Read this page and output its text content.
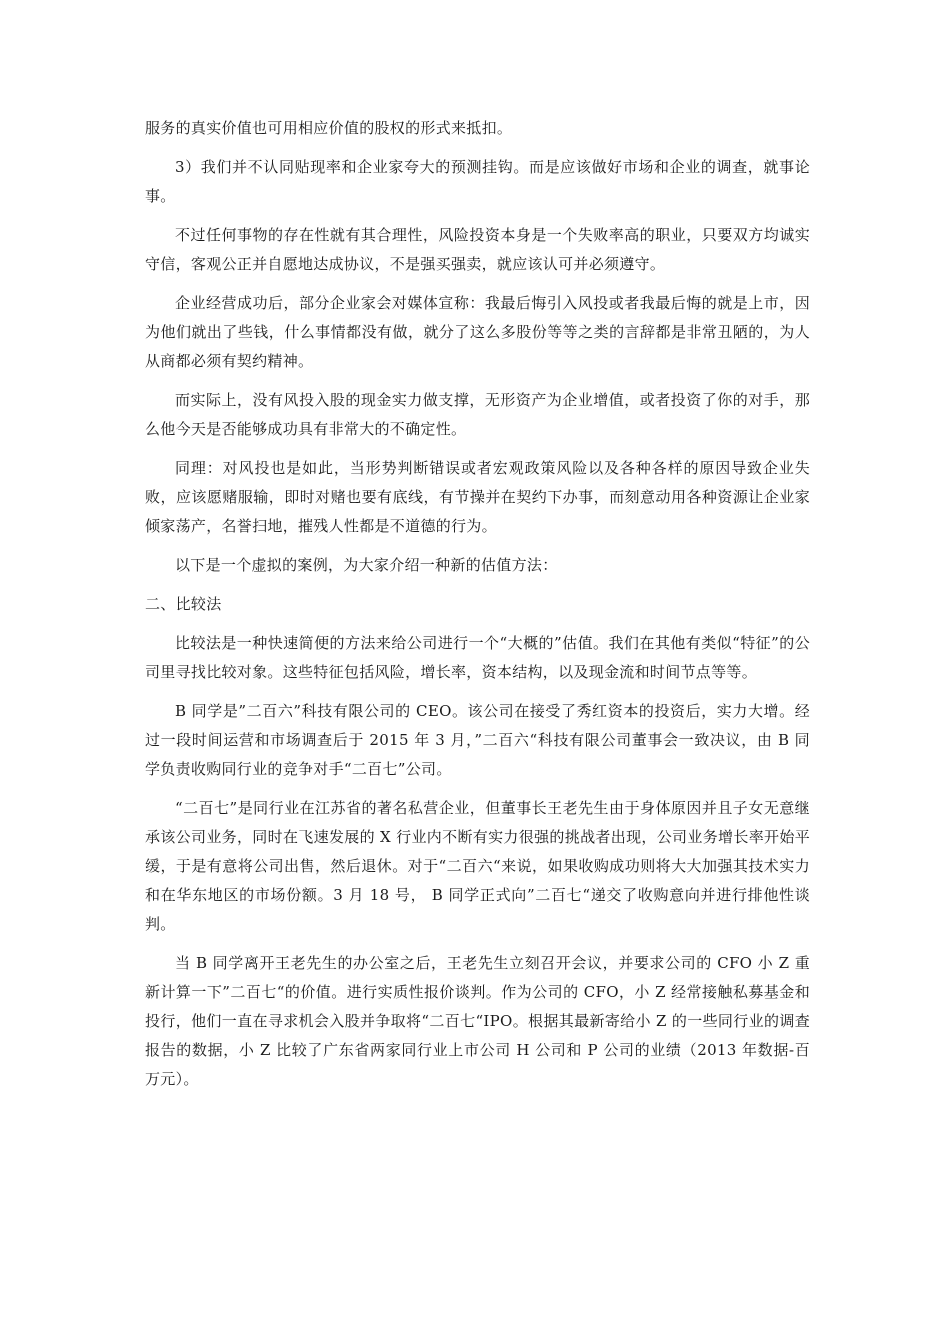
服务的真实价值也可用相应价值的股权的形式来抵扣。

3）我们并不认同贴现率和企业家夸大的预测挂钩。而是应该做好市场和企业的调查，就事论事。

不过任何事物的存在性就有其合理性，风险投资本身是一个失败率高的职业，只要双方均诚实守信，客观公正并自愿地达成协议，不是强买强卖，就应该认可并必须遵守。

企业经营成功后，部分企业家会对媒体宣称：我最后悔引入风投或者我最后悔的就是上市，因为他们就出了些钱，什么事情都没有做，就分了这么多股份等等之类的言辞都是非常丑陋的，为人从商都必须有契约精神。

而实际上，没有风投入股的现金实力做支撑，无形资产为企业增值，或者投资了你的对手，那么他今天是否能够成功具有非常大的不确定性。

同理：对风投也是如此，当形势判断错误或者宏观政策风险以及各种各样的原因导致企业失败，应该愿赌服输，即时对赌也要有底线，有节操并在契约下办事，而刻意动用各种资源让企业家倾家荡产，名誉扫地，摧残人性都是不道德的行为。

以下是一个虚拟的案例，为大家介绍一种新的估值方法：

二、比较法

比较法是一种快速简便的方法来给公司进行一个“大概的”估值。我们在其他有类似“特征”的公司里寻找比较对象。这些特征包括风险，增长率，资本结构，以及现金流和时间节点等等。

B 同学是”二百六”科技有限公司的 CEO。该公司在接受了秀红资本的投资后，实力大增。经过一段时间运营和市场调查后于 2015 年 3 月，”二百六“科技有限公司董事会一致决议，由 B 同学负责收购同行业的竞争对手“二百七”公司。

“二百七”是同行业在江苏省的著名私营企业，但董事长王老先生由于身体原因并且子女无意继承该公司业务，同时在飞速发展的 X 行业内不断有实力很强的挑战者出现，公司业务增长率开始平缓，于是有意将公司出售，然后退休。对于“二百六“来说，如果收购成功则将大大加强其技术实力和在华东地区的市场份额。3 月 18 号， B 同学正式向”二百七“递交了收购意向并进行排他性谈判。

当 B 同学离开王老先生的办公室之后，王老先生立刻召开会议，并要求公司的 CFO 小 Z 重新计算一下”二百七“的价值。进行实质性报价谈判。作为公司的 CFO，小 Z 经常接触私募基金和投行，他们一直在寻求机会入股并争取将“二百七“IPO。根据其最新寄给小 Z 的一些同行业的调查报告的数据，小 Z 比较了广东省两家同行业上市公司 H 公司和 P 公司的业绩（2013 年数据-百万元）。
